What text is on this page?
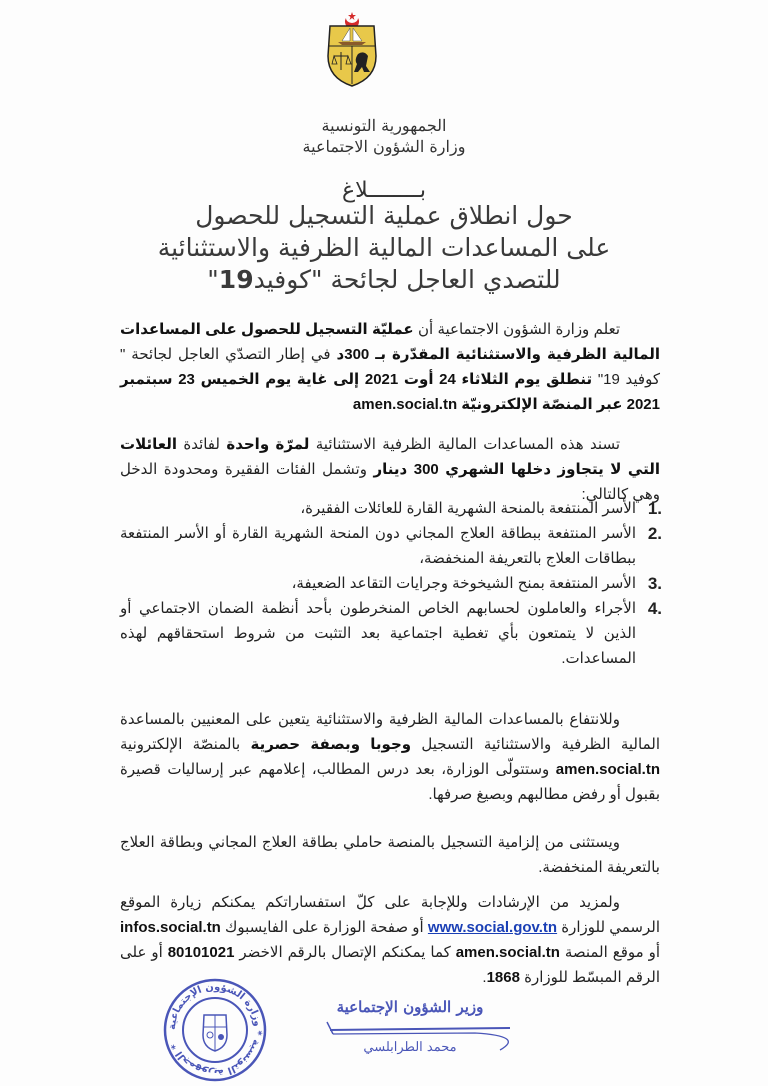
الجمهورية التونسية
وزارة الشؤون الاجتماعية
بــــــــلاغ
حول انطلاق عملية التسجيل للحصول
على المساعدات المالية الظرفية والاستثنائية
للتصدي العاجل لجائحة "كوفيد19"

تعلم وزارة الشؤون الاجتماعية أن عمليّة التسجيل للحصول على المساعدات المالية الظرفية والاستثنائية المقدّرة بـ 300د في إطار التصدّي العاجل لجائحة " كوفيد 19" تنطلق يوم الثلاثاء 24 أوت 2021 إلى غاية يوم الخميس 23 سبتمبر 2021 عبر المنصّة الإلكترونيّة amen.social.tn

تسند هذه المساعدات المالية الظرفية الاستثنائية لمرّة واحدة لفائدة العائلات التي لا يتجاوز دخلها الشهري 300 دينار وتشمل الفئات الفقيرة ومحدودة الدخل وهي كالتالي:

1.
الأسر المنتفعة بالمنحة الشهرية القارة للعائلات الفقيرة،
2.
الأسر المنتفعة ببطاقة العلاج المجاني دون المنحة الشهرية القارة أو الأسر المنتفعة ببطاقات العلاج بالتعريفة المنخفضة،
3.
الأسر المنتفعة بمنح الشيخوخة وجرايات التقاعد الضعيفة،
4.
الأجراء والعاملون لحسابهم الخاص المنخرطون بأحد أنظمة الضمان الاجتماعي أو الذين لا يتمتعون بأي تغطية اجتماعية بعد التثبت من شروط استحقاقهم لهذه المساعدات.

وللانتفاع بالمساعدات المالية الظرفية والاستثنائية يتعين على المعنيين بالمساعدة المالية الظرفية والاستثنائية التسجيل وجوبا وبصفة حصرية بالمنصّة الإلكترونية amen.social.tn وستتولّى الوزارة، بعد درس المطالب، إعلامهم عبر إرساليات قصيرة بقبول أو رفض مطالبهم وبصيغ صرفها.

ويستثنى من إلزامية التسجيل بالمنصة حاملي بطاقة العلاج المجاني وبطاقة العلاج بالتعريفة المنخفضة.

ولمزيد من الإرشادات وللإجابة على كلّ استفساراتكم يمكنكم زيارة الموقع الرسمي للوزارة www.social.gov.tn أو صفحة الوزارة على الفايسبوك infos.social.tn أو موقع المنصة amen.social.tn كما يمكنكم الإتصال بالرقم الاخضر 80101021 أو على الرقم المبسّط للوزارة 1868.

الجمهورية التونسية * وزارة الشؤون الإجتماعية *
وزير الشؤون الإجتماعية
محمد الطرابلسي
